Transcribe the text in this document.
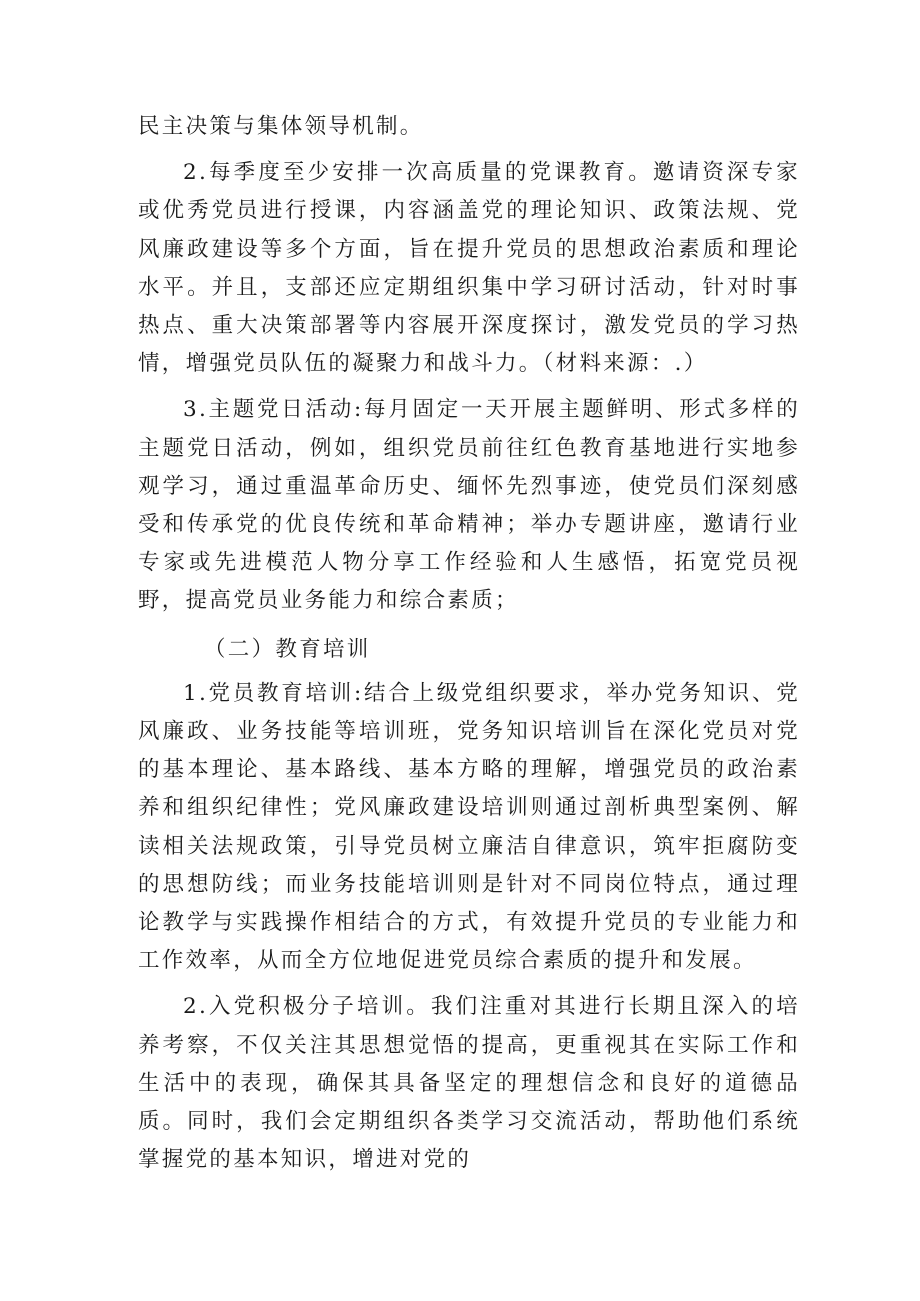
民主决策与集体领导机制。

2.每季度至少安排一次高质量的党课教育。邀请资深专家或优秀党员进行授课，内容涵盖党的理论知识、政策法规、党风廉政建设等多个方面，旨在提升党员的思想政治素质和理论水平。并且，支部还应定期组织集中学习研讨活动，针对时事热点、重大决策部署等内容展开深度探讨，激发党员的学习热情，增强党员队伍的凝聚力和战斗力。（材料来源：.）

3.主题党日活动:每月固定一天开展主题鲜明、形式多样的主题党日活动，例如，组织党员前往红色教育基地进行实地参观学习，通过重温革命历史、缅怀先烈事迹，使党员们深刻感受和传承党的优良传统和革命精神；举办专题讲座，邀请行业专家或先进模范人物分享工作经验和人生感悟，拓宽党员视野，提高党员业务能力和综合素质；

（二）教育培训

1.党员教育培训:结合上级党组织要求，举办党务知识、党风廉政、业务技能等培训班，党务知识培训旨在深化党员对党的基本理论、基本路线、基本方略的理解，增强党员的政治素养和组织纪律性；党风廉政建设培训则通过剖析典型案例、解读相关法规政策，引导党员树立廉洁自律意识，筑牢拒腐防变的思想防线；而业务技能培训则是针对不同岗位特点，通过理论教学与实践操作相结合的方式，有效提升党员的专业能力和工作效率，从而全方位地促进党员综合素质的提升和发展。

2.入党积极分子培训。我们注重对其进行长期且深入的培养考察，不仅关注其思想觉悟的提高，更重视其在实际工作和生活中的表现，确保其具备坚定的理想信念和良好的道德品质。同时，我们会定期组织各类学习交流活动，帮助他们系统掌握党的基本知识，增进对党的
